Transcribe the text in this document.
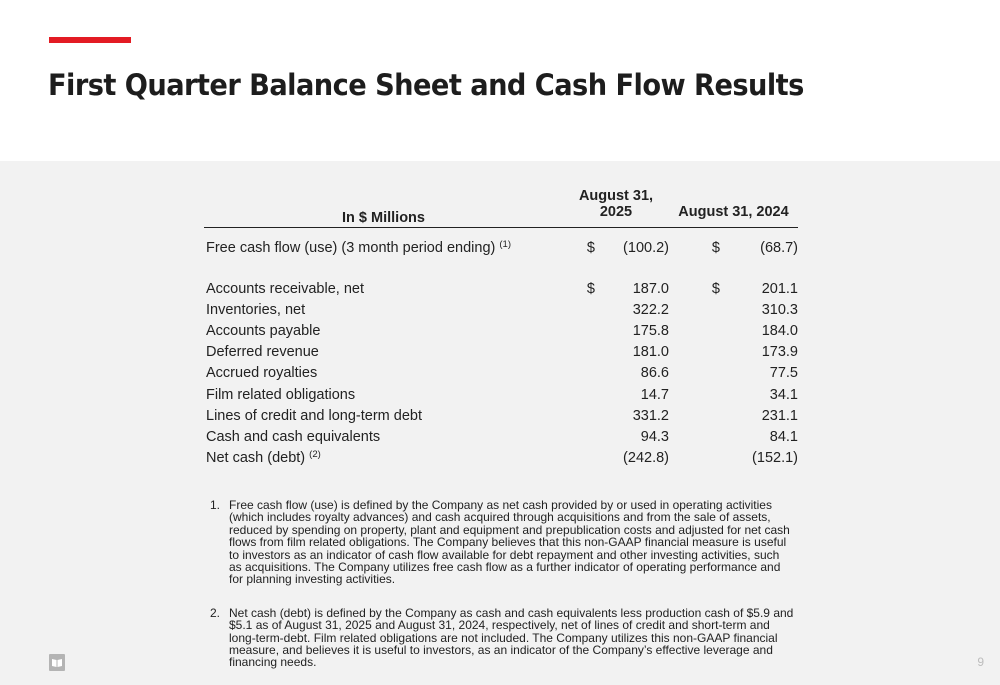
First Quarter Balance Sheet and Cash Flow Results
In $ Millions	August 31, 2025		August 31, 2024	
Free cash flow (use) (3 month period ending) $^{(1)}$	$	(100.2)	$	(68.7)

Accounts receivable, net	$	187.0	$	201.1
Inventories, net		322.2		310.3
Accounts payable		175.8		184.0
Deferred revenue		181.0		173.9
Accrued royalties		86.6		77.5
Film related obligations		14.7		34.1
Lines of credit and long-term debt		331.2		231.1
Cash and cash equivalents		94.3		84.1
Net cash (debt) $^{(2)}$		(242.8)		(152.1)
1. Free cash flow (use) is defined by the Company as net cash provided by or used in operating activities (which includes royalty advances) and cash acquired through acquisitions and from the sale of assets, reduced by spending on property, plant and equipment and prepublication costs and adjusted for net cash flows from film related obligations. The Company believes that this non-GAAP financial measure is useful to investors as an indicator of cash flow available for debt repayment and other investing activities, such as acquisitions. The Company utilizes free cash flow as a further indicator of operating performance and for planning investing activities.
2. Net cash (debt) is defined by the Company as cash and cash equivalents less production cash of $5.9 and $5.1 as of August 31, 2025 and August 31, 2024, respectively, net of lines of credit and short-term and long-term-debt. Film related obligations are not included. The Company utilizes this non-GAAP financial measure, and believes it is useful to investors, as an indicator of the Company’s effective leverage and financing needs.	9
